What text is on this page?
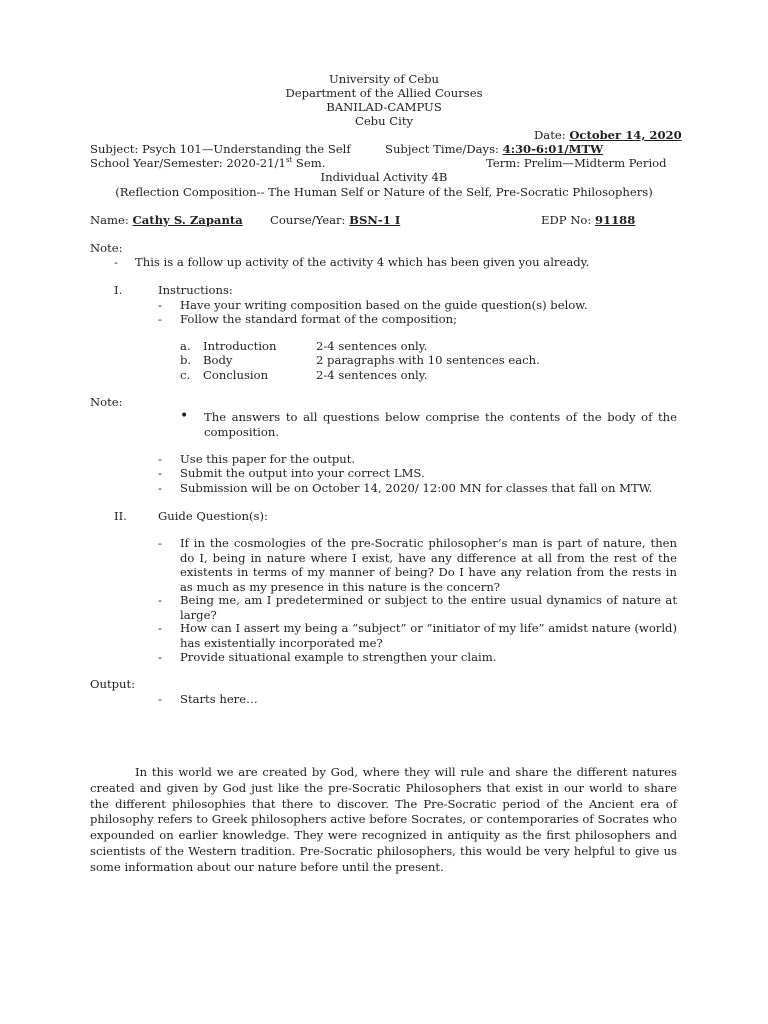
University of Cebu
Department of the Allied Courses
BANILAD-CAMPUS
Cebu City
Date: October 14, 2020
Subject: Psych 101—Understanding the Self	Subject Time/Days: 4:30-6:01/MTW
School Year/Semester: 2020-21/1st Sem.	Term: Prelim—Midterm Period
Individual Activity 4B
(Reflection Composition-- The Human Self or Nature of the Self, Pre-Socratic Philosophers)
Name: Cathy S. Zapanta Course/Year: BSN-1 I	EDP No: 91188
Note:
- This is a follow up activity of the activity 4 which has been given you already.
I.	Instructions:
- Have your writing composition based on the guide question(s) below.
- Follow the standard format of the composition;
a. Introduction	2-4 sentences only.
b. Body	2 paragraphs with 10 sentences each.
c. Conclusion	2-4 sentences only.
Note:
• The answers to all questions below comprise the contents of the body of the composition.
- Use this paper for the output.
- Submit the output into your correct LMS.
- Submission will be on October 14, 2020/ 12:00 MN for classes that fall on MTW.
II.	Guide Question(s):
- If in the cosmologies of the pre-Socratic philosopher’s man is part of nature, then do I, being in nature where I exist, have any difference at all from the rest of the existents in terms of my manner of being? Do I have any relation from the rests in as much as my presence in this nature is the concern?
- Being me, am I predetermined or subject to the entire usual dynamics of nature at large?
- How can I assert my being a “subject” or “initiator of my life” amidst nature (world) has existentially incorporated me?
- Provide situational example to strengthen your claim.
Output:
- Starts here…
In this world we are created by God, where they will rule and share the different natures created and given by God just like the pre-Socratic Philosophers that exist in our world to share the different philosophies that there to discover. The Pre-Socratic period of the Ancient era of philosophy refers to Greek philosophers active before Socrates, or contemporaries of Socrates who expounded on earlier knowledge. They were recognized in antiquity as the first philosophers and scientists of the Western tradition. Pre-Socratic philosophers, this would be very helpful to give us some information about our nature before until the present.
